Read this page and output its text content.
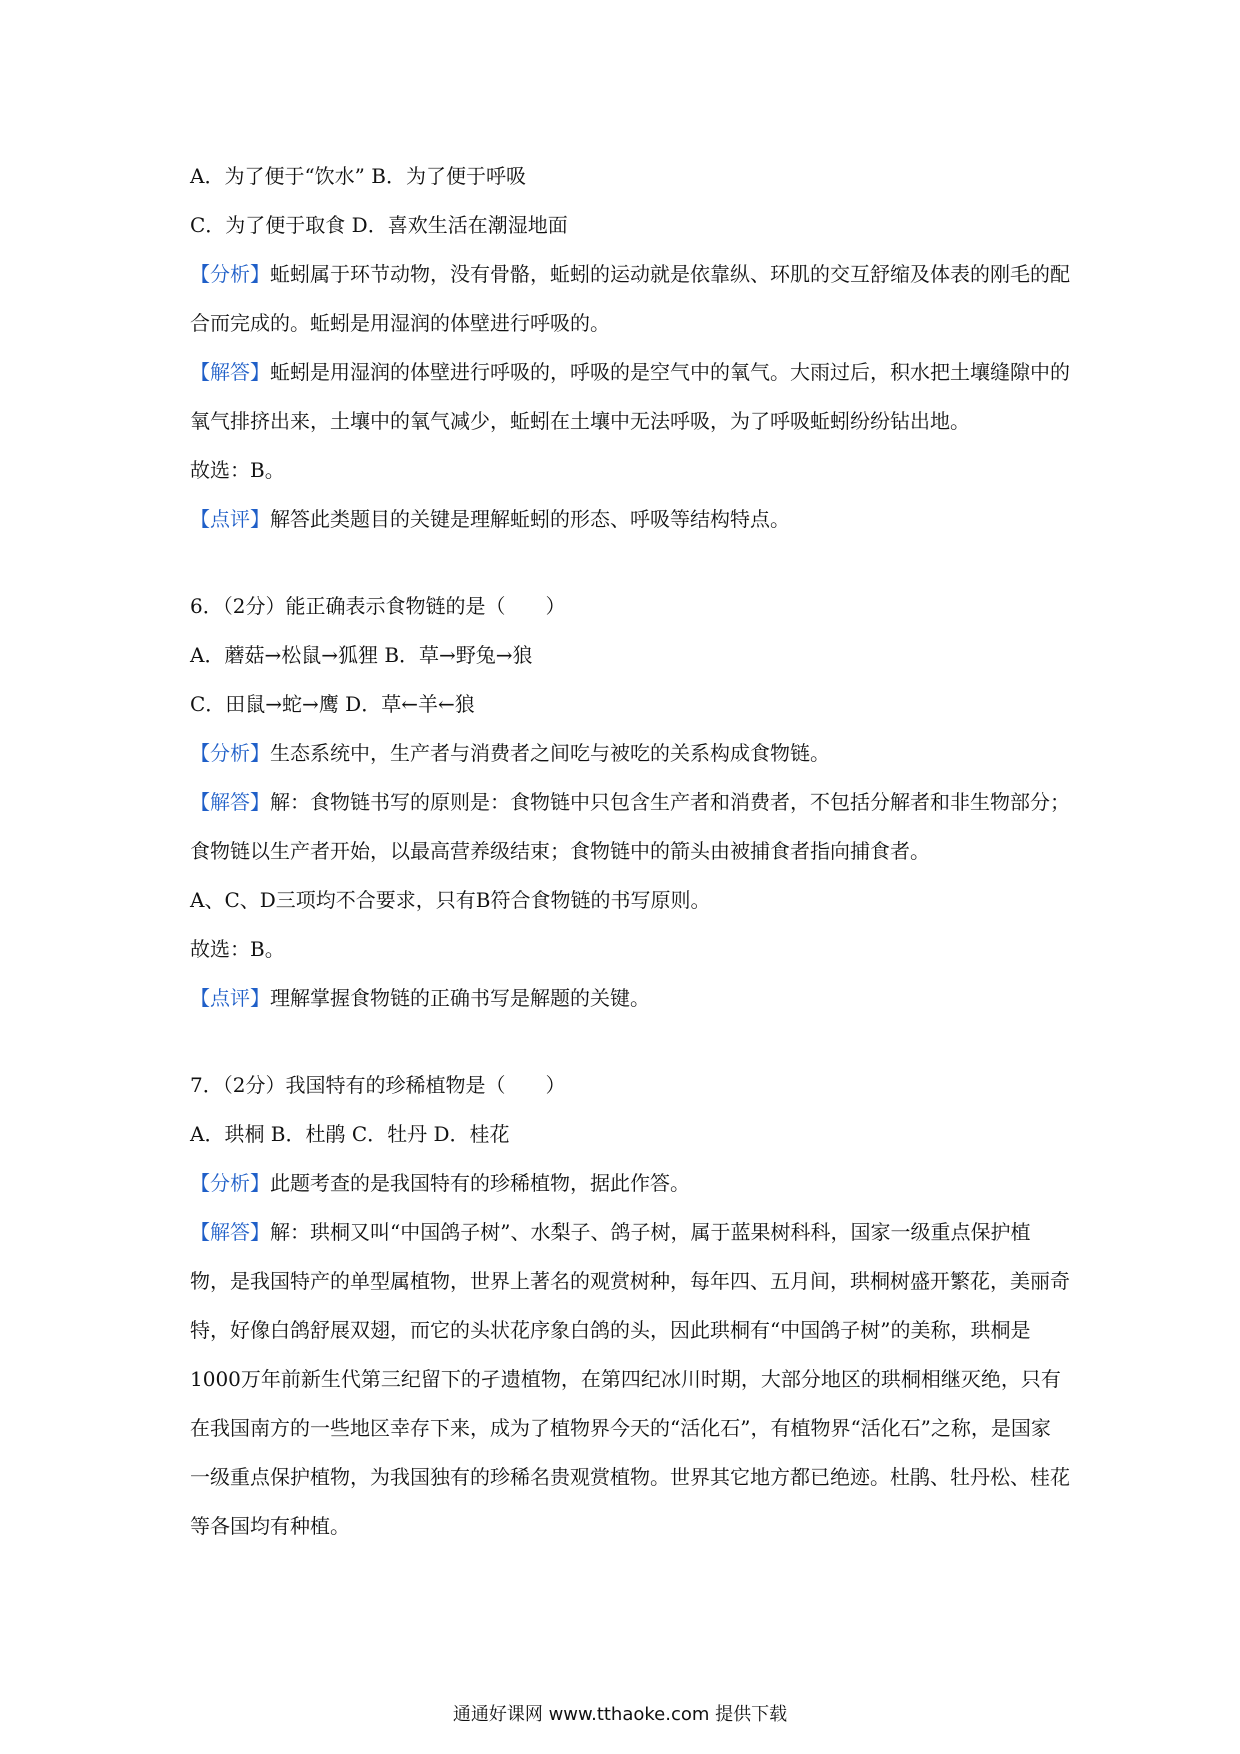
A．为了便于“饮水” B．为了便于呼吸
C．为了便于取食 D．喜欢生活在潮湿地面
【分析】蚯蚓属于环节动物，没有骨骼，蚯蚓的运动就是依靠纵、环肌的交互舒缩及体表的刚毛的配合而完成的。蚯蚓是用湿润的体壁进行呼吸的。
【解答】蚯蚓是用湿润的体壁进行呼吸的，呼吸的是空气中的氧气。大雨过后，积水把土壤缝隙中的氧气排挤出来，土壤中的氧气减少，蚯蚓在土壤中无法呼吸，为了呼吸蚯蚓纷纷钻出地。
故选：B。
【点评】解答此类题目的关键是理解蚯蚓的形态、呼吸等结构特点。
6．（2分）能正确表示食物链的是（　　）
A．蘑菇→松鼠→狐狸 B．草→野兔→狼
C．田鼠→蛇→鹰 D．草←羊←狼
【分析】生态系统中，生产者与消费者之间吃与被吃的关系构成食物链。
【解答】解：食物链书写的原则是：食物链中只包含生产者和消费者，不包括分解者和非生物部分；食物链以生产者开始，以最高营养级结束；食物链中的箭头由被捕食者指向捕食者。
A、C、D三项均不合要求，只有B符合食物链的书写原则。
故选：B。
【点评】理解掌握食物链的正确书写是解题的关键。
7．（2分）我国特有的珍稀植物是（　　）
A．珙桐 B．杜鹃 C．牡丹 D．桂花
【分析】此题考查的是我国特有的珍稀植物，据此作答。
【解答】解：珙桐又叫“中国鸽子树”、水梨子、鸽子树，属于蓝果树科科，国家一级重点保护植物，是我国特产的单型属植物，世界上著名的观赏树种，每年四、五月间，珙桐树盛开繁花，美丽奇特，好像白鸽舒展双翅，而它的头状花序象白鸽的头，因此珙桐有“中国鸽子树”的美称，珙桐是1000万年前新生代第三纪留下的孑遗植物，在第四纪冰川时期，大部分地区的珙桐相继灭绝，只有在我国南方的一些地区幸存下来，成为了植物界今天的“活化石”，有植物界“活化石”之称，是国家一级重点保护植物，为我国独有的珍稀名贵观赏植物。世界其它地方都已绝迹。杜鹃、牡丹松、桂花等各国均有种植。
通通好课网 www.tthaoke.com 提供下载
